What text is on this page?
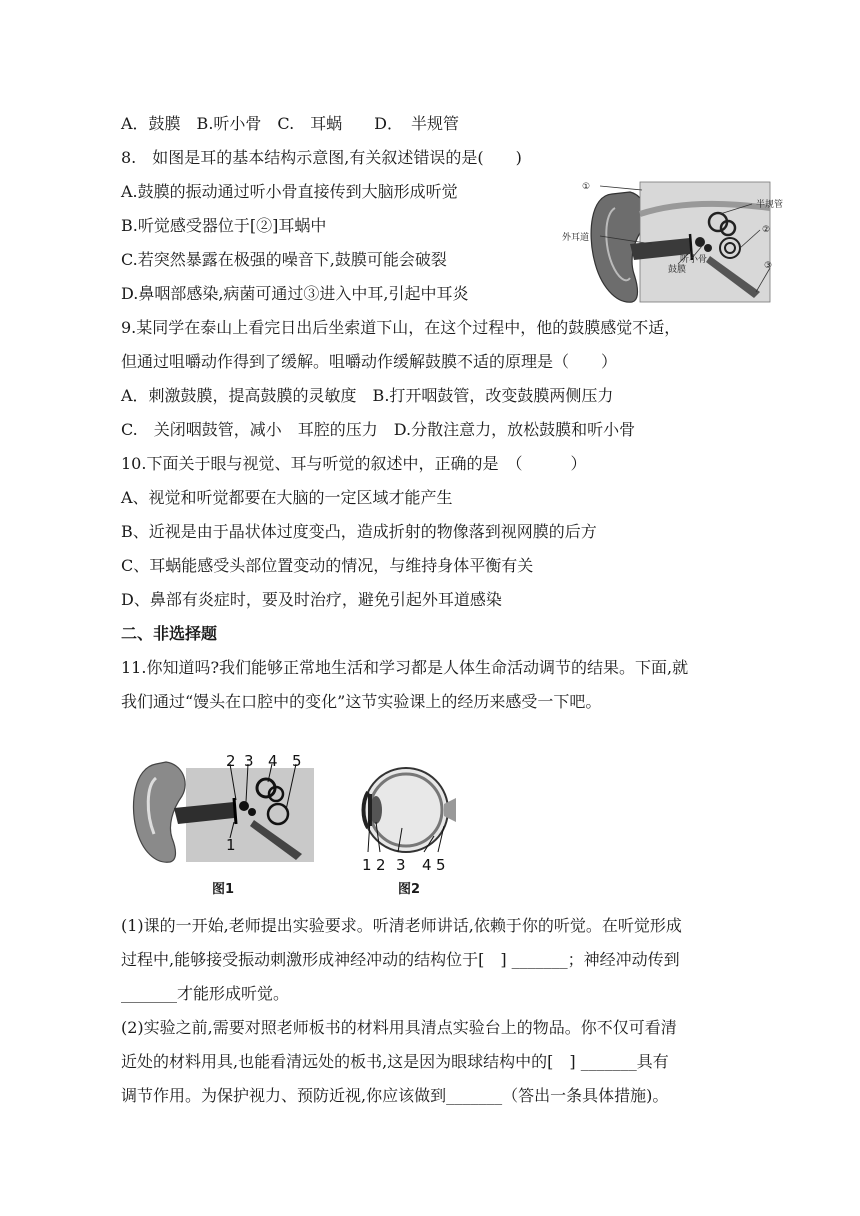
A．鼓膜　B.听小骨　C.　耳蜗　　D．　半规管
8.　如图是耳的基本结构示意图,有关叙述错误的是(　　)
A.鼓膜的振动通过听小骨直接传到大脑形成听觉
B.听觉感受器位于[②]耳蜗中
C.若突然暴露在极强的噪音下,鼓膜可能会破裂
D.鼻咽部感染,病菌可通过③进入中耳,引起中耳炎
①
半规管
②
外耳道
听小骨
鼓膜	③
9.某同学在泰山上看完日出后坐索道下山，在这个过程中，他的鼓膜感觉不适，
但通过咀嚼动作得到了缓解。咀嚼动作缓解鼓膜不适的原理是（　　）
A．刺激鼓膜，提高鼓膜的灵敏度　B.打开咽鼓管，改变鼓膜两侧压力
C.　关闭咽鼓管，减小　耳腔的压力　D.分散注意力，放松鼓膜和听小骨
10.下面关于眼与视觉、耳与听觉的叙述中，正确的是　（　　　）
A、视觉和听觉都要在大脑的一定区域才能产生
B、近视是由于晶状体过度变凸，造成折射的物像落到视网膜的后方
C、耳蜗能感受头部位置变动的情况，与维持身体平衡有关
D、鼻部有炎症时，要及时治疗，避免引起外耳道感染
二、非选择题
11.你知道吗?我们能够正常地生活和学习都是人体生命活动调节的结果。下面,就
我们通过“馒头在口腔中的变化”这节实验课上的经历来感受一下吧。
2 3 4 5
1
图1
1 2 3 4 5
图2
(1)课的一开始,老师提出实验要求。听清老师讲话,依赖于你的听觉。在听觉形成
过程中,能够接受振动刺激形成神经冲动的结构位于[　] _______；神经冲动传到
_______才能形成听觉。
(2)实验之前,需要对照老师板书的材料用具清点实验台上的物品。你不仅可看清
近处的材料用具,也能看清远处的板书,这是因为眼球结构中的[　] _______具有
调节作用。为保护视力、预防近视,你应该做到_______（答出一条具体措施)。
